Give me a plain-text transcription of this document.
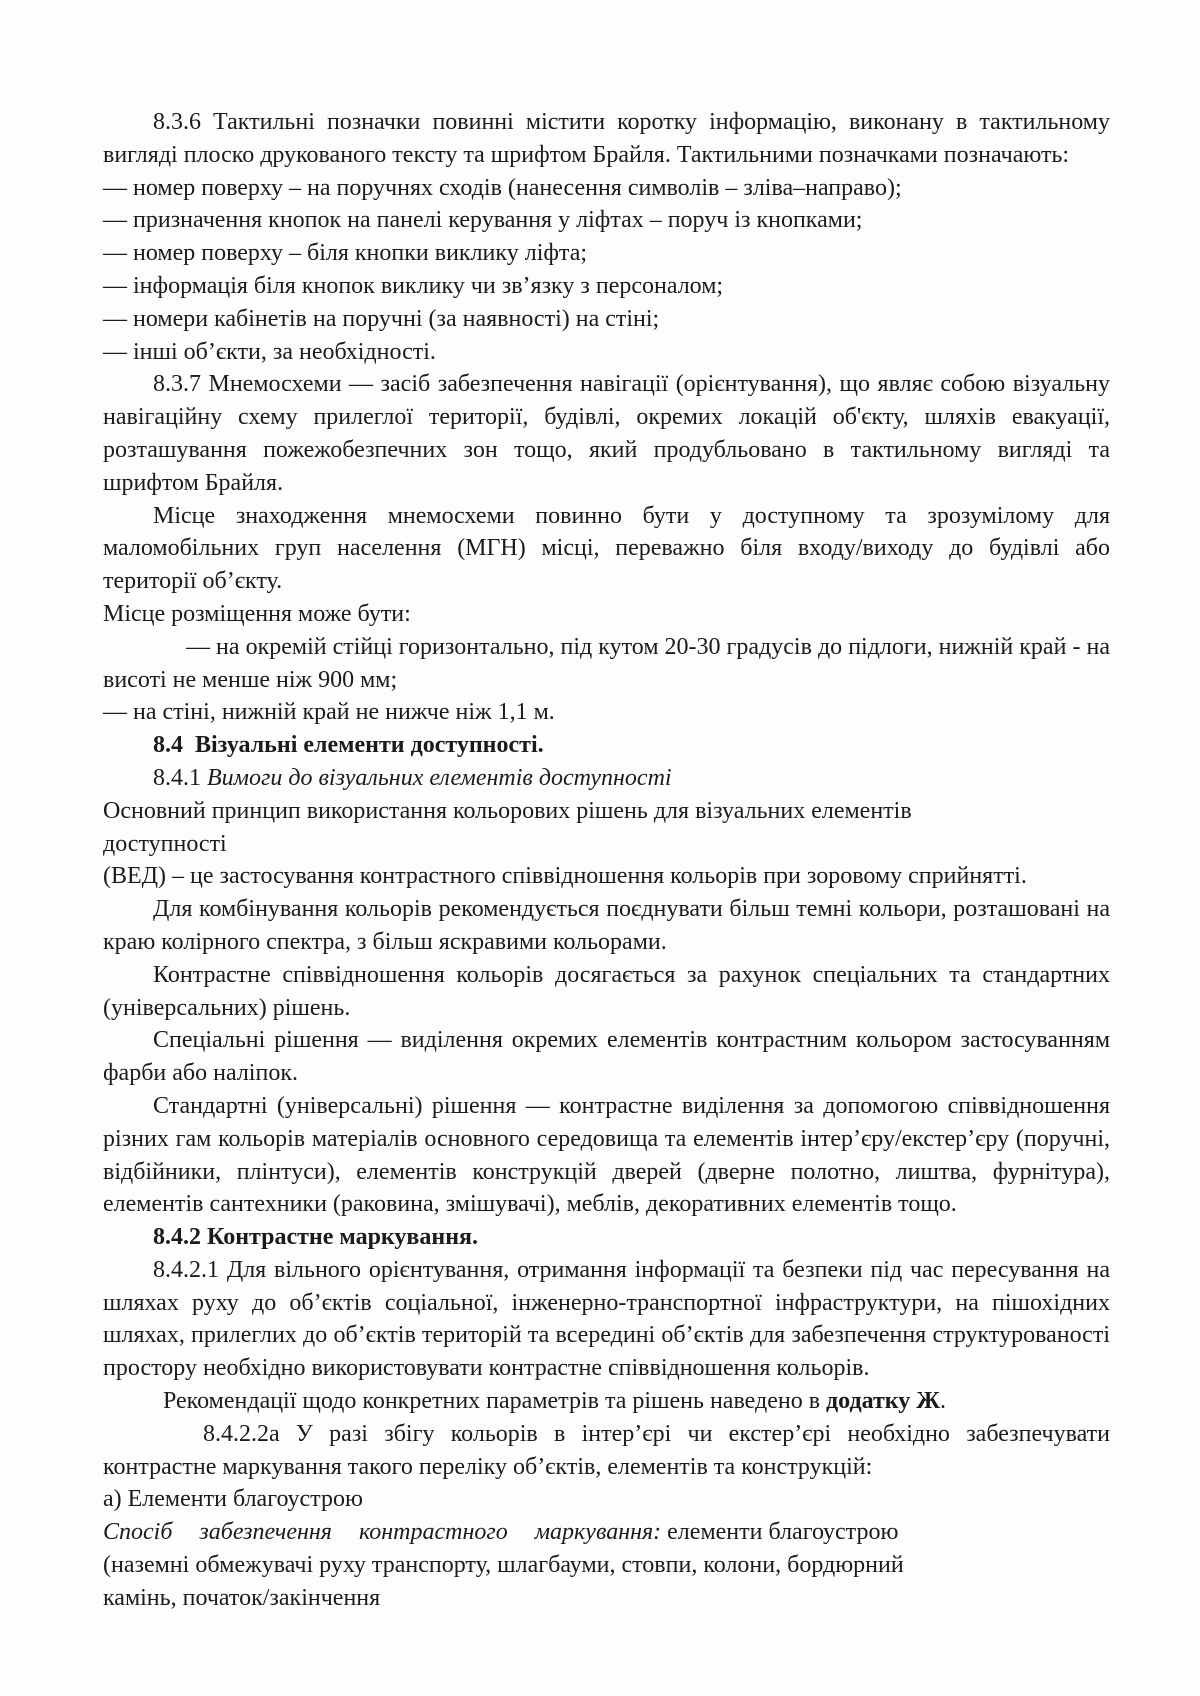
8.3.6 Тактильні позначки повинні містити коротку інформацію, виконану в тактильному вигляді плоско друкованого тексту та шрифтом Брайля. Тактильними позначками позначають:

— номер поверху – на поручнях сходів (нанесення символів – зліва–направо);
— призначення кнопок на панелі керування у ліфтах – поруч із кнопками;
— номер поверху – біля кнопки виклику ліфта;
— інформація біля кнопок виклику чи зв’язку з персоналом;
— номери кабінетів на поручні (за наявності) на стіні;
— інші об’єкти, за необхідності.

8.3.7 Мнемосхеми — засіб забезпечення навігації (орієнтування), що являє собою візуальну навігаційну схему прилеглої території, будівлі, окремих локацій об'єкту, шляхів евакуації, розташування пожежобезпечних зон тощо, який продубльовано в тактильному вигляді та шрифтом Брайля.

Місце знаходження мнемосхеми повинно бути у доступному та зрозумілому для маломобільних груп населення (МГН) місці, переважно біля входу/виходу до будівлі або території об’єкту.

Місце розміщення може бути:

— на окремій стійці горизонтально, під кутом 20-30 градусів до підлоги, нижній край - на висоті не менше ніж 900 мм;

— на стіні, нижній край не нижче ніж 1,1 м.

8.4  Візуальні елементи доступності.

8.4.1 Вимоги до візуальних елементів доступності

Основний принцип використання кольорових рішень для візуальних елементів
доступності
(ВЕД) – це застосування контрастного співвідношення кольорів при зоровому сприйнятті.

Для комбінування кольорів рекомендується поєднувати більш темні кольори, розташовані на краю колірного спектра, з більш яскравими кольорами.

Контрастне співвідношення кольорів досягається за рахунок спеціальних та стандартних (універсальних) рішень.

Спеціальні рішення — виділення окремих елементів контрастним кольором застосуванням фарби або наліпок.

Стандартні (універсальні) рішення — контрастне виділення за допомогою співвідношення різних гам кольорів матеріалів основного середовища та елементів інтер’єру/екстер’єру (поручні, відбійники, плінтуси), елементів конструкцій дверей (дверне полотно, лиштва, фурнітура), елементів сантехники (раковина, змішувачі), меблів, декоративних елементів тощо.

8.4.2 Контрастне маркування.

8.4.2.1 Для вільного орієнтування, отримання інформації та безпеки під час пересування на шляхах руху до об’єктів соціальної, інженерно-транспортної інфраструктури, на пішохідних шляхах, прилеглих до об’єктів територій та всередині об’єктів для забезпечення структурованості простору необхідно використовувати контрастне співвідношення кольорів.

Рекомендації щодо конкретних параметрів та рішень наведено в додатку Ж.

8.4.2.2а У разі збігу кольорів в інтер’єрі чи екстер’єрі необхідно забезпечувати контрастне маркування такого переліку об’єктів, елементів та конструкцій:

а) Елементи благоустрою
Спосіб забезпечення контрастного маркування: елементи благоустрою
(наземні обмежувачі руху транспорту, шлагбауми, стовпи, колони, бордюрний
камінь, початок/закінчення
